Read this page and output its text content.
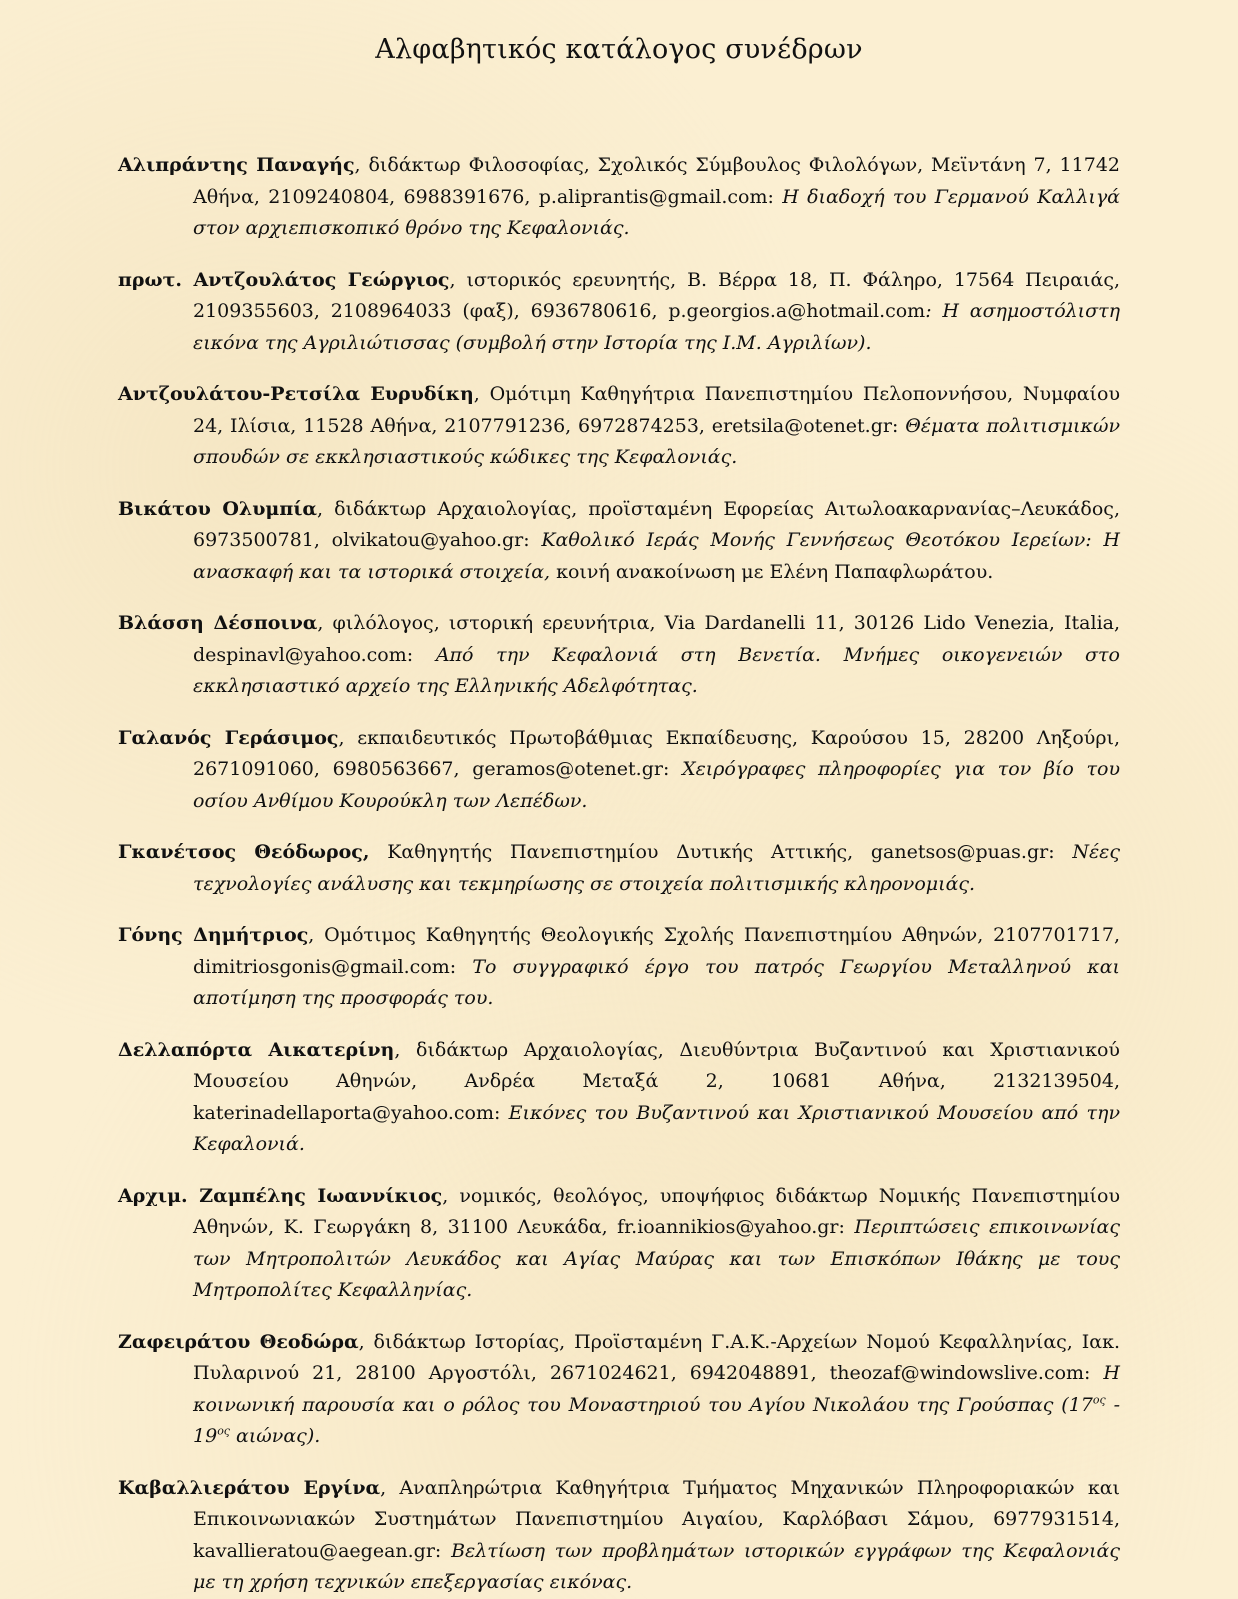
Αλφαβητικός κατάλογος συνέδρων

Αλιπράντης Παναγής, διδάκτωρ Φιλοσοφίας, Σχολικός Σύμβουλος Φιλολόγων, Μεϊντάνη 7, 11742 Αθήνα, 2109240804, 6988391676, p.aliprantis@gmail.com: Η διαδοχή του Γερμανού Καλλιγά στον αρχιεπισκοπικό θρόνο της Κεφαλονιάς.

πρωτ. Αντζουλάτος Γεώργιος, ιστορικός ερευνητής, Β. Βέρρα 18, Π. Φάληρο, 17564 Πειραιάς, 2109355603, 2108964033 (φαξ), 6936780616, p.georgios.a@hotmail.com: Η ασημοστόλιστη εικόνα της Αγριλιώτισσας (συμβολή στην Ιστορία της Ι.Μ. Αγριλίων).

Αντζουλάτου-Ρετσίλα Ευρυδίκη, Ομότιμη Καθηγήτρια Πανεπιστημίου Πελοποννήσου, Νυμφαίου 24, Ιλίσια, 11528 Αθήνα, 2107791236, 6972874253, eretsila@otenet.gr: Θέματα πολιτισμικών σπουδών σε εκκλησιαστικούς κώδικες της Κεφαλονιάς.

Βικάτου Ολυμπία, διδάκτωρ Αρχαιολογίας, προϊσταμένη Εφορείας Αιτωλοακαρνανίας–Λευκάδος, 6973500781, olvikatou@yahoo.gr: Καθολικό Ιεράς Μονής Γεννήσεως Θεοτόκου Ιερείων: Η ανασκαφή και τα ιστορικά στοιχεία, κοινή ανακοίνωση με Ελένη Παπαφλωράτου.

Βλάσση Δέσποινα, φιλόλογος, ιστορική ερευνήτρια, Via Dardanelli 11, 30126 Lido Venezia, Italia, despinavl@yahoo.com: Από την Κεφαλονιά στη Βενετία. Μνήμες οικογενειών στο εκκλησιαστικό αρχείο της Ελληνικής Αδελφότητας.

Γαλανός Γεράσιμος, εκπαιδευτικός Πρωτοβάθμιας Εκπαίδευσης, Καρούσου 15, 28200 Ληξούρι, 2671091060, 6980563667, geramos@otenet.gr: Χειρόγραφες πληροφορίες για τον βίο του οσίου Ανθίμου Κουρούκλη των Λεπέδων.

Γκανέτσος Θεόδωρος, Καθηγητής Πανεπιστημίου Δυτικής Αττικής, ganetsos@puas.gr: Νέες τεχνολογίες ανάλυσης και τεκμηρίωσης σε στοιχεία πολιτισμικής κληρονομιάς.

Γόνης Δημήτριος, Ομότιμος Καθηγητής Θεολογικής Σχολής Πανεπιστημίου Αθηνών, 2107701717, dimitriosgonis@gmail.com: Το συγγραφικό έργο του πατρός Γεωργίου Μεταλληνού και αποτίμηση της προσφοράς του.

Δελλαπόρτα Αικατερίνη, διδάκτωρ Αρχαιολογίας, Διευθύντρια Βυζαντινού και Χριστιανικού Μουσείου Αθηνών, Ανδρέα Μεταξά 2, 10681 Αθήνα, 2132139504, katerinadellaporta@yahoo.com: Εικόνες του Βυζαντινού και Χριστιανικού Μουσείου από την Κεφαλονιά.

Αρχιμ. Ζαμπέλης Ιωαννίκιος, νομικός, θεολόγος, υποψήφιος διδάκτωρ Νομικής Πανεπιστημίου Αθηνών, Κ. Γεωργάκη 8, 31100 Λευκάδα, fr.ioannikios@yahoo.gr: Περιπτώσεις επικοινωνίας των Μητροπολιτών Λευκάδος και Αγίας Μαύρας και των Επισκόπων Ιθάκης με τους Μητροπολίτες Κεφαλληνίας.

Ζαφειράτου Θεοδώρα, διδάκτωρ Ιστορίας, Προϊσταμένη Γ.Α.Κ.-Αρχείων Νομού Κεφαλληνίας, Ιακ. Πυλαρινού 21, 28100 Αργοστόλι, 2671024621, 6942048891, theozaf@windowslive.com: Η κοινωνική παρουσία και ο ρόλος του Μοναστηριού του Αγίου Νικολάου της Γρούσπας ($17^{o\varsigma} - 19^{o\varsigma}$ αιώνας).

Καβαλλιεράτου Εργίνα, Αναπληρώτρια Καθηγήτρια Τμήματος Μηχανικών Πληροφοριακών και Επικοινωνιακών Συστημάτων Πανεπιστημίου Αιγαίου, Καρλόβασι Σάμου, 6977931514, kavallieratou@aegean.gr: Βελτίωση των προβλημάτων ιστορικών εγγράφων της Κεφαλονιάς με τη χρήση τεχνικών επεξεργασίας εικόνας.
